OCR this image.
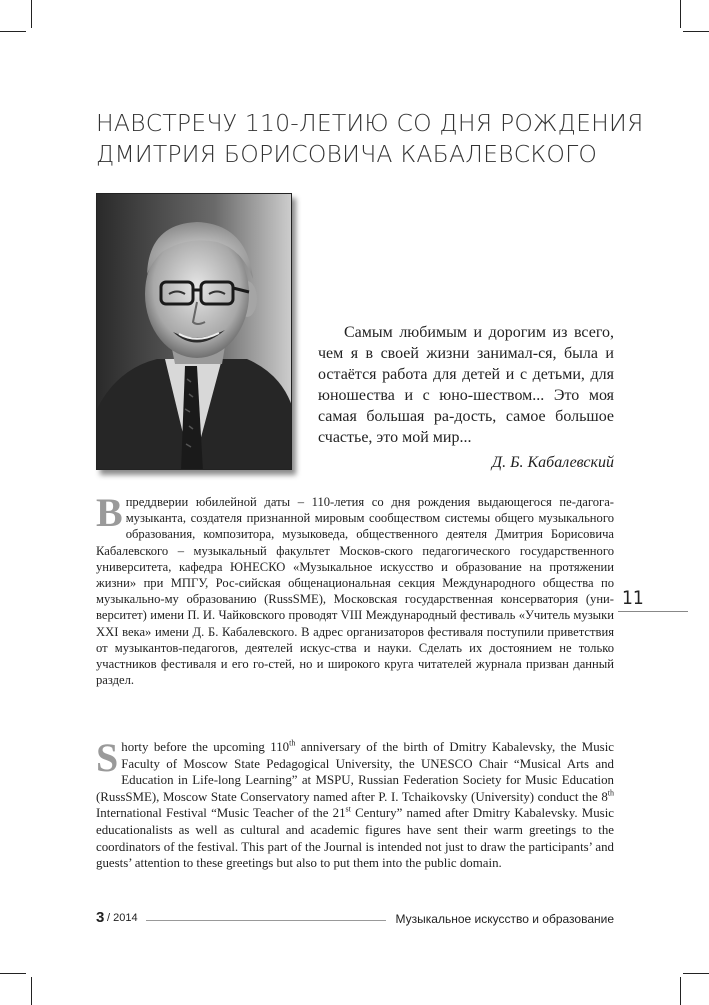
НАВСТРЕЧУ 110-ЛЕТИЮ СО ДНЯ РОЖДЕНИЯ
ДМИТРИЯ БОРИСОВИЧА КАБАЛЕВСКОГО

Самым любимым и дорогим из всего, чем я в своей жизни занимал-ся, была и остаётся работа для детей и с детьми, для юношества и с юно-шеством... Это моя самая большая ра-дость, самое большое счастье, это мой мир...

Д. Б. Кабалевский

Впреддверии юбилейной даты – 110-летия со дня рождения выдающегося пе-дагога-музыканта, создателя признанной мировым сообществом системы общего музыкального образования, композитора, музыковеда, общественного деятеля Дмитрия Борисовича Кабалевского – музыкальный факультет Москов-ского педагогического государственного университета, кафедра ЮНЕСКО «Музыкальное искусство и образование на протяжении жизни» при МПГУ, Рос-сийская общенациональная секция Международного общества по музыкально-му образованию (RussSME), Московская государственная консерватория (уни-верситет) имени П. И. Чайковского проводят VIII Международный фестиваль «Учитель музыки XXI века» имени Д. Б. Кабалевского. В адрес организаторов фестиваля поступили приветствия от музыкантов-педагогов, деятелей искус-ства и науки. Сделать их достоянием не только участников фестиваля и его го-стей, но и широкого круга читателей журнала призван данный раздел.
Shorty before the upcoming 110th anniversary of the birth of Dmitry Kabalevsky, the Music Faculty of Moscow State Pedagogical University, the UNESCO Chair “Musical Arts and Education in Life-long Learning” at MSPU, Russian Federation Society for Music Education (RussSME), Moscow State Conservatory named after P. I. Tchaikovsky (University) conduct the 8th International Festival “Music Teacher of the 21st Century” named after Dmitry Kabalevsky. Music educationalists as well as cultural and academic figures have sent their warm greetings to the coordinators of the festival. This part of the Journal is intended not just to draw the participants’ and guests’ attention to these greetings but also to put them into the public domain.
11
3 / 2014	Музыкальное искусство и образование
